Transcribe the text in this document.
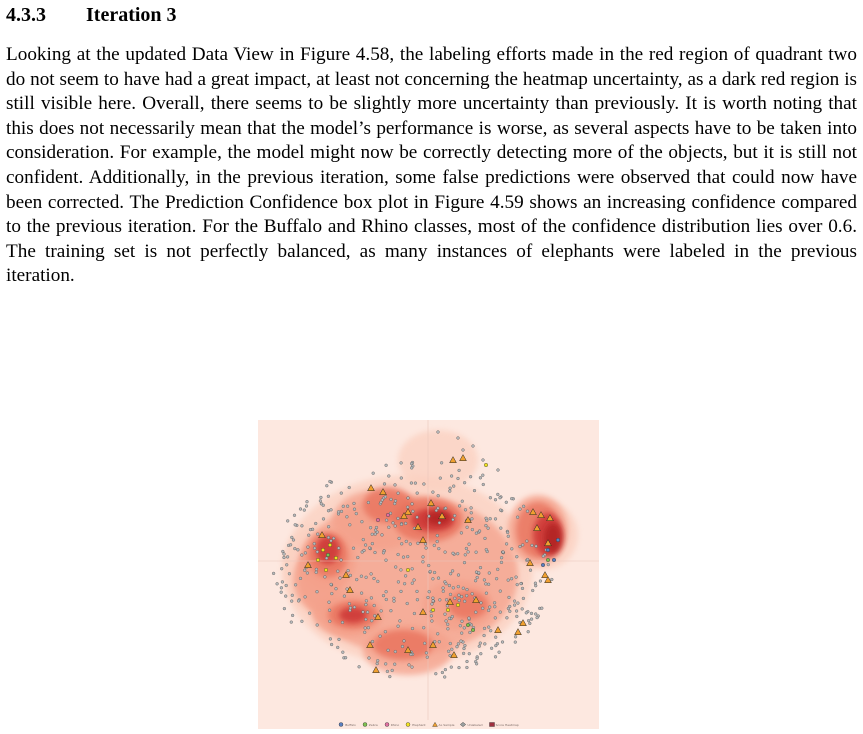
4.3.3 Iteration 3

Looking at the updated Data View in Figure 4.58, the labeling efforts made in the red region of quadrant two do not seem to have had a great impact, at least not concerning the heatmap uncertainty, as a dark red region is still visible here. Overall, there seems to be slightly more uncertainty than previously. It is worth noting that this does not necessarily mean that the model’s performance is worse, as several aspects have to be taken into consideration. For example, the model might now be correctly detecting more of the objects, but it is still not confident. Additionally, in the previous iteration, some false predictions were observed that could now have been corrected. The Prediction Confidence box plot in Figure 4.59 shows an increasing confidence compared to the previous iteration. For the Buffalo and Rhino classes, most of the confidence distribution lies over 0.6. The training set is not perfectly balanced, as many instances of elephants were labeled in the previous iteration.

Buffalo	Zebra	Rhino	Elephant	AL Sample	Unlabeled	Score Heatmap
